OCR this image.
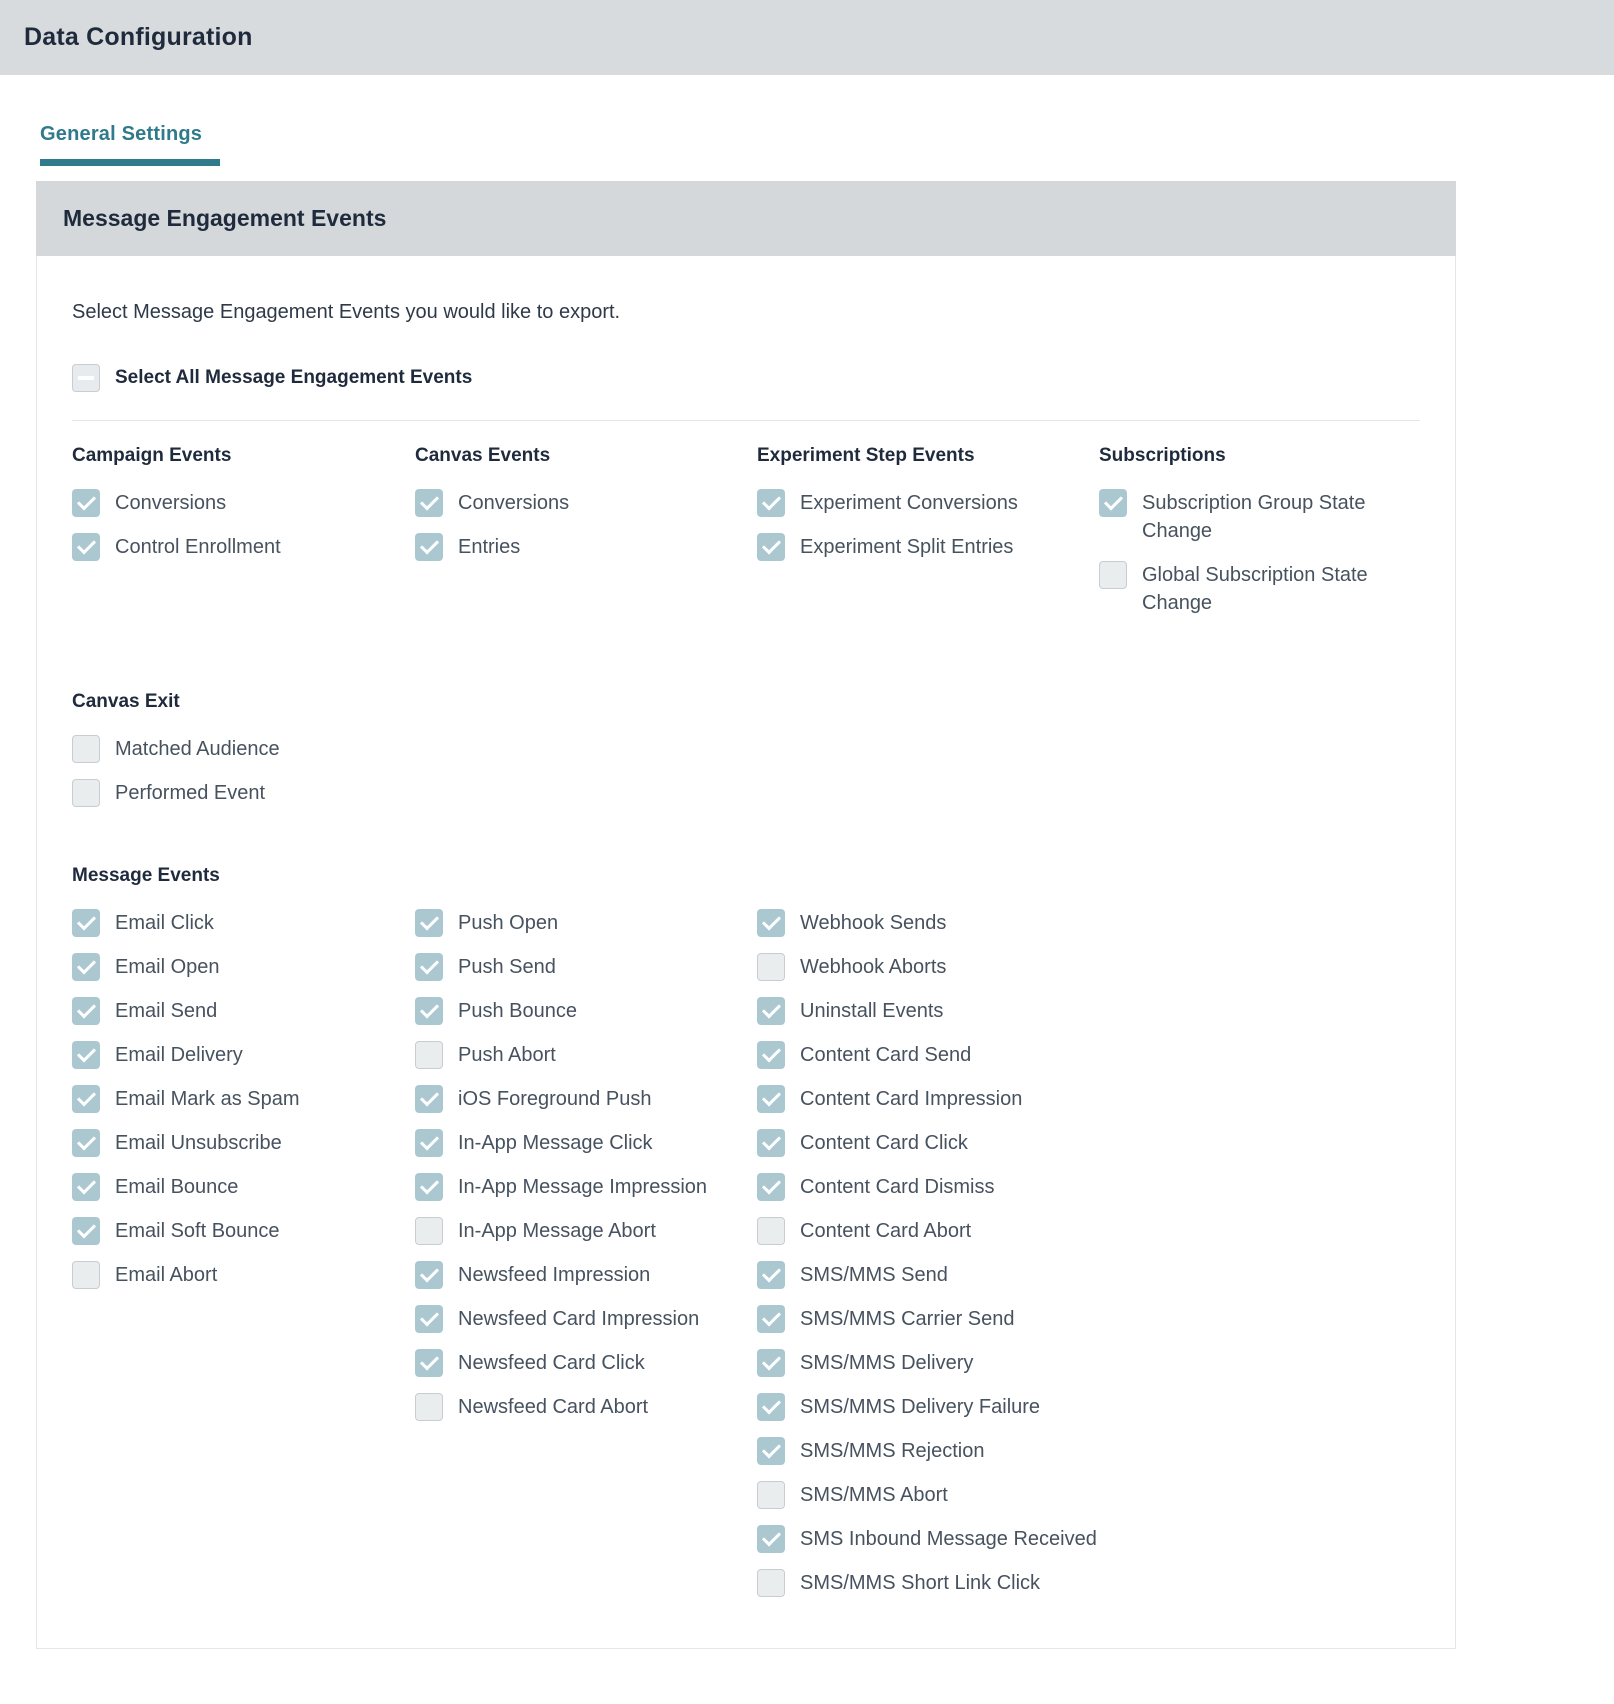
Data Configuration
General Settings
Message Engagement Events

Select Message Engagement Events you would like to export.

Select All Message Engagement Events
Campaign Events
Conversions
Control Enrollment
Canvas Events
Conversions
Entries
Experiment Step Events
Experiment Conversions
Experiment Split Entries
Subscriptions
Subscription Group State Change
Global Subscription State Change
Canvas Exit
Matched Audience
Performed Event
Message Events
Email Click
Email Open
Email Send
Email Delivery
Email Mark as Spam
Email Unsubscribe
Email Bounce
Email Soft Bounce
Email Abort
Push Open
Push Send
Push Bounce
Push Abort
iOS Foreground Push
In-App Message Click
In-App Message Impression
In-App Message Abort
Newsfeed Impression
Newsfeed Card Impression
Newsfeed Card Click
Newsfeed Card Abort
Webhook Sends
Webhook Aborts
Uninstall Events
Content Card Send
Content Card Impression
Content Card Click
Content Card Dismiss
Content Card Abort
SMS/MMS Send
SMS/MMS Carrier Send
SMS/MMS Delivery
SMS/MMS Delivery Failure
SMS/MMS Rejection
SMS/MMS Abort
SMS Inbound Message Received
SMS/MMS Short Link Click
